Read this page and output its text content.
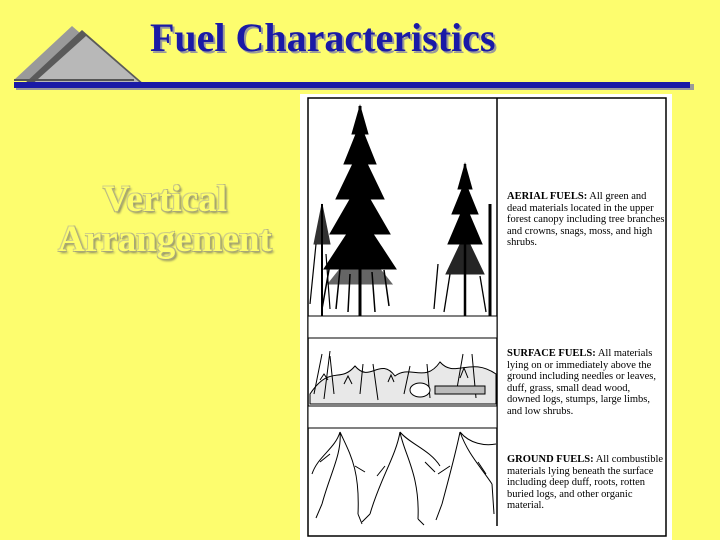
Fuel Characteristics
Vertical Arrangement
AERIAL FUELS: All green and dead materials located in the upper forest canopy including tree branches and crowns, snags, moss, and high shrubs.
SURFACE FUELS: All materials lying on or immediately above the ground including needles or leaves, duff, grass, small dead wood, downed logs, stumps, large limbs, and low shrubs.
GROUND FUELS: All combustible materials lying beneath the surface including deep duff, roots, rotten buried logs, and other organic material.
